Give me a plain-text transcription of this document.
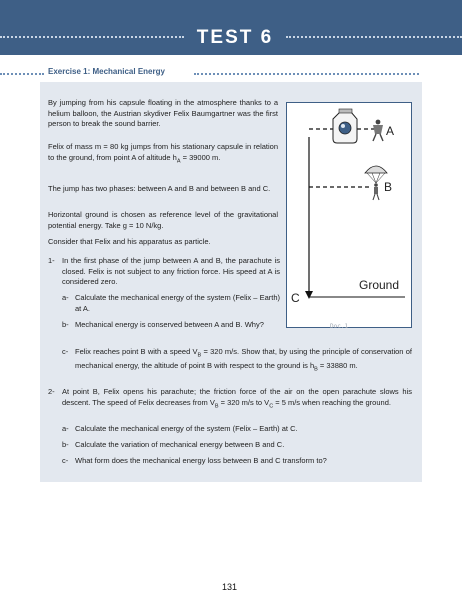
TEST 6
Exercise 1: Mechanical Energy
By jumping from his capsule floating in the atmosphere thanks to a helium balloon, the Austrian skydiver Felix Baumgartner was the first person to break the sound barrier.
Felix of mass m = 80 kg jumps from his stationary capsule in relation to the ground, from point A of altitude $h_A = 39000$ m.
The jump has two phases: between A and B and between B and C.
Horizontal ground is chosen as reference level of the gravitational potential energy. Take g = 10 N/kg.
Consider that Felix and his apparatus as particle.
1- In the first phase of the jump between A and B, the parachute is closed. Felix is not subject to any friction force. His speed at A is considered zero.
a- Calculate the mechanical energy of the system (Felix – Earth) at A.
b- Mechanical energy is conserved between A and B. Why?
c- Felix reaches point B with a speed $V_B = 320$ m/s. Show that, by using the principle of conservation of mechanical energy, the altitude of point B with respect to the ground is $h_B = 33880$ m.
2- At point B, Felix opens his parachute; the friction force of the air on the open parachute slows his descent. The speed of Felix decreases from $V_B = 320$ m/s to $V_C = 5$ m/s when reaching the ground.
a- Calculate the mechanical energy of the system (Felix – Earth) at C.
b- Calculate the variation of mechanical energy between B and C.
c- What form does the mechanical energy loss between B and C transform to?
A
B
C
Ground
Doc.1
131
